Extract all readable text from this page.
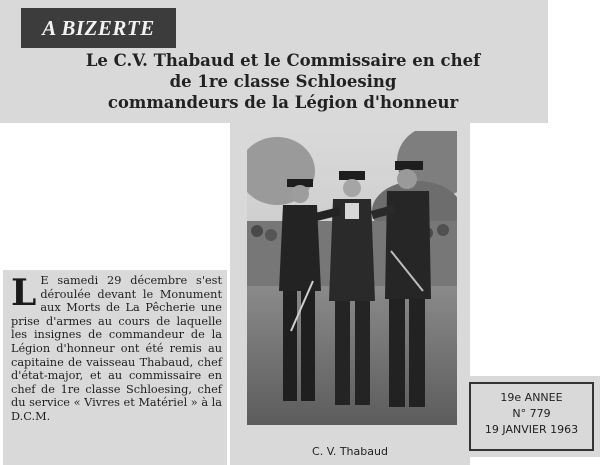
A BIZERTE
Le C.V. Thabaud et le Commissaire en chef
de 1re classe Schloesing
commandeurs de la Légion d'honneur
C. V. Thabaud

L E samedi 29 décembre s'est déroulée devant le Monument aux Morts de La Pêcherie une prise d'armes au cours de laquelle les insignes de commandeur de la Légion d'honneur ont été remis au capitaine de vaisseau Thabaud, chef d'état-major, et au commissaire en chef de 1re classe Schloesing, chef du service « Vivres et Matériel » à la D.C.M.

19e ANNEE
N° 779
19 JANVIER 1963
